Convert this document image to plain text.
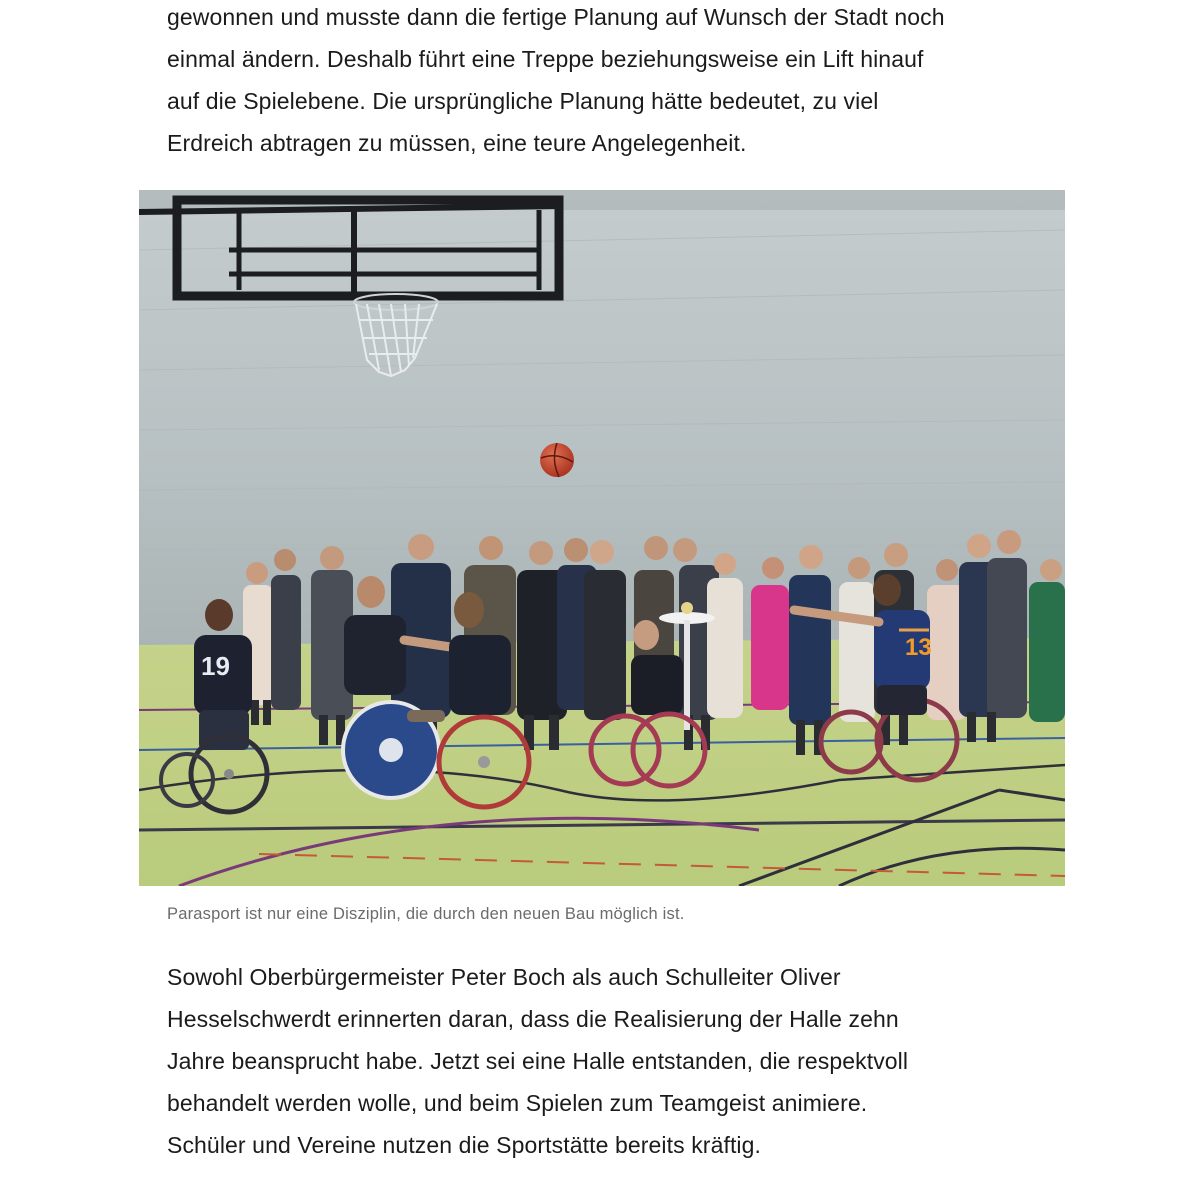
gewonnen und musste dann die fertige Planung auf Wunsch der Stadt noch
einmal ändern. Deshalb führt eine Treppe beziehungsweise ein Lift hinauf
auf die Spielebene. Die ursprüngliche Planung hätte bedeutet, zu viel
Erdreich abtragen zu müssen, eine teure Angelegenheit.

19
13
Parasport ist nur eine Disziplin, die durch den neuen Bau möglich ist.

Sowohl Oberbürgermeister Peter Boch als auch Schulleiter Oliver
Hesselschwerdt erinnerten daran, dass die Realisierung der Halle zehn
Jahre beansprucht habe. Jetzt sei eine Halle entstanden, die respektvoll
behandelt werden wolle, und beim Spielen zum Teamgeist animiere.
Schüler und Vereine nutzen die Sportstätte bereits kräftig.
